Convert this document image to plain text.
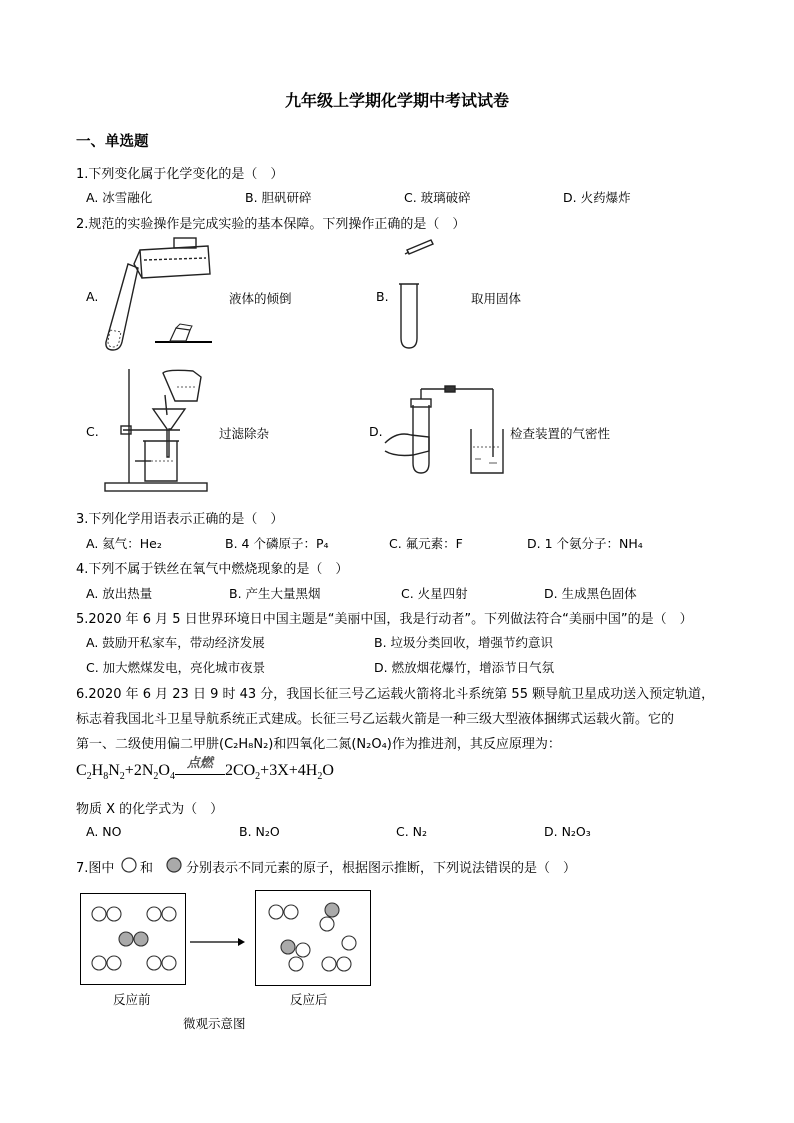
九年级上学期化学期中考试试卷
一、单选题
1.下列变化属于化学变化的是（　）
A. 冰雪融化	B. 胆矾研碎	C. 玻璃破碎	D. 火药爆炸
2.规范的实验操作是完成实验的基本保障。下列操作正确的是（　）
A.	液体的倾倒	B.	取用固体
C.	过滤除杂	D.	检查装置的气密性
3.下列化学用语表示正确的是（　）
A. 氦气：He₂	B. 4 个磷原子：P₄	C. 氟元素：F	D. 1 个氨分子：NH₄
4.下列不属于铁丝在氧气中燃烧现象的是（　）
A. 放出热量	B. 产生大量黑烟	C. 火星四射	D. 生成黑色固体
5.2020 年 6 月 5 日世界环境日中国主题是“美丽中国，我是行动者”。下列做法符合“美丽中国”的是（　）
A. 鼓励开私家车，带动经济发展	B. 垃圾分类回收，增强节约意识
C. 加大燃煤发电，亮化城市夜景	D. 燃放烟花爆竹，增添节日气氛
6.2020 年 6 月 23 日 9 时 43 分，我国长征三号乙运载火箭将北斗系统第 55 颗导航卫星成功送入预定轨道，
标志着我国北斗卫星导航系统正式建成。长征三号乙运载火箭是一种三级大型液体捆绑式运载火箭。它的
第一、二级使用偏二甲肼(C₂H₈N₂)和四氧化二氮(N₂O₄)作为推进剂，其反应原理为：
$C_2H_8N_2+2N_2O_4$
点燃 $2CO_2+3X+4H_2O$
物质 X 的化学式为（　）
A. NO	B. N₂O	C. N₂	D. N₂O₃
7.图中 和	分别表示不同元素的原子，根据图示推断，下列说法错误的是（　）
反应前	反应后
微观示意图
